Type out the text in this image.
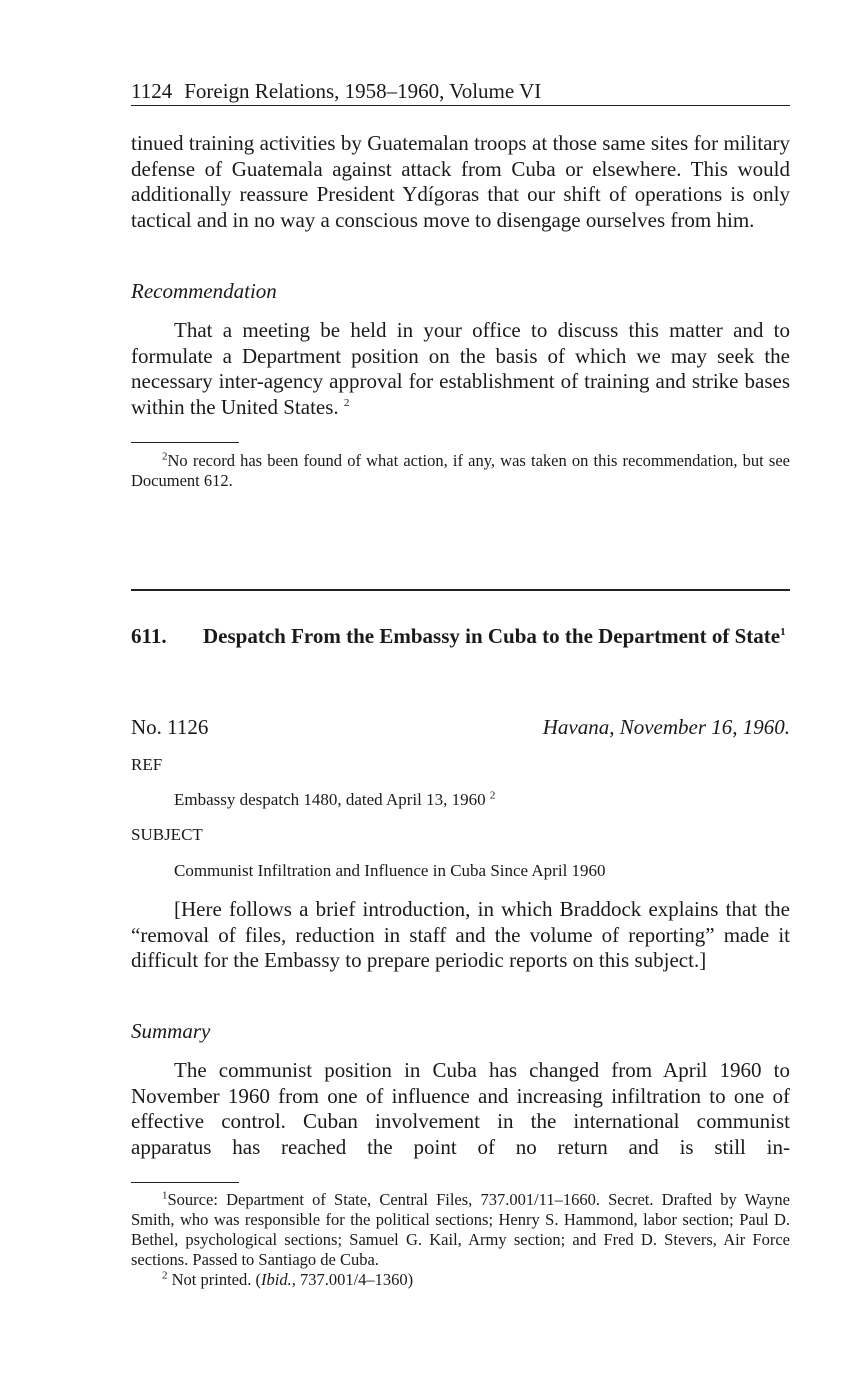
1124 Foreign Relations, 1958–1960, Volume VI

tinued training activities by Guatemalan troops at those same sites for military defense of Guatemala against attack from Cuba or elsewhere. This would additionally reassure President Ydígoras that our shift of operations is only tactical and in no way a conscious move to disengage ourselves from him.

Recommendation

That a meeting be held in your office to discuss this matter and to formulate a Department position on the basis of which we may seek the necessary inter-agency approval for establishment of training and strike bases within the United States. $^2$

$^2$No record has been found of what action, if any, was taken on this recommendation, but see Document 612.

611.	Despatch From the Embassy in Cuba to the Department of State$^1$
No. 1126	Havana, November 16, 1960.

REF

Embassy despatch 1480, dated April 13, 1960 $^2$

SUBJECT

Communist Infiltration and Influence in Cuba Since April 1960

[Here follows a brief introduction, in which Braddock explains that the “removal of files, reduction in staff and the volume of reporting” made it difficult for the Embassy to prepare periodic reports on this subject.]

Summary

The communist position in Cuba has changed from April 1960 to November 1960 from one of influence and increasing infiltration to one of effective control. Cuban involvement in the international communist apparatus has reached the point of no return and is still in-

$^1$Source: Department of State, Central Files, 737.001/11–1660. Secret. Drafted by Wayne Smith, who was responsible for the political sections; Henry S. Hammond, labor section; Paul D. Bethel, psychological sections; Samuel G. Kail, Army section; and Fred D. Stevers, Air Force sections. Passed to Santiago de Cuba.

$^2$ Not printed. (Ibid., 737.001/4–1360)
